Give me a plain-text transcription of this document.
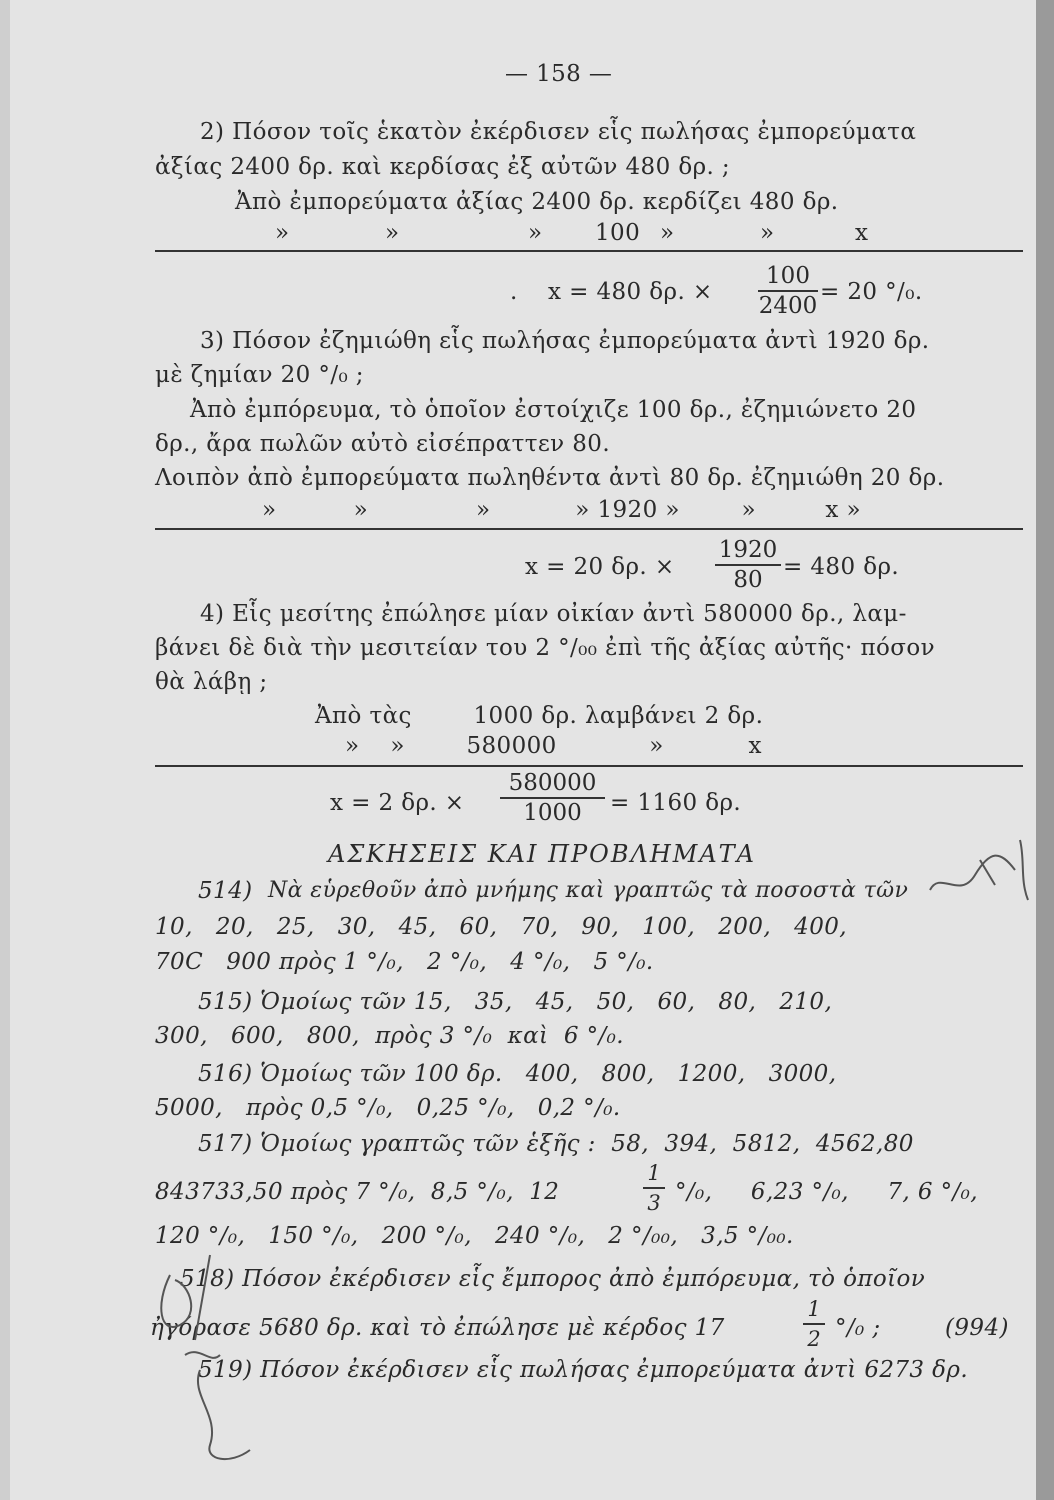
— 158 —
2) Πόσον τοῖς ἑκατὸν ἐκέρδισεν εἷς πωλήσας ἐμπορεύματα
ἀξίας 2400 δρ. καὶ κερδίσας ἐξ αὐτῶν 480 δρ. ;
Ἀπὸ ἐμπορεύματα ἀξίας 2400 δρ. κερδίζει 480 δρ.
»	»	» 100 »	»	x
. x = 480 δρ. ×
100
2400
= 20 °/₀.
3) Πόσον ἐζημιώθη εἷς πωλήσας ἐμπορεύματα ἀντὶ 1920 δρ.
μὲ ζημίαν 20 °/₀ ;
Ἀπὸ ἐμπόρευμα, τὸ ὁποῖον ἐστοίχιζε 100 δρ., ἐζημιώνετο 20
δρ., ἄρα πωλῶν αὐτὸ εἰσέπραττεν 80.
Λοιπὸν ἀπὸ ἐμπορεύματα πωληθέντα ἀντὶ 80 δρ. ἐζημιώθη 20 δρ.
»          »              »           » 1920 »        »         x »
x = 20 δρ. ×
1920
80 = 480 δρ.
4) Εἷς μεσίτης ἐπώλησε μίαν οἰκίαν ἀντὶ 580000 δρ., λαμ-
βάνει δὲ διὰ τὴν μεσιτείαν του 2 °/₀₀ ἐπὶ τῆς ἀξίας αὐτῆς· πόσον
θὰ λάβῃ ;
Ἀπὸ τὰς        1000 δρ. λαμβάνει 2 δρ.
»    »        580000            »           x
x = 2 δρ. ×
580000
1000	= 1160 δρ.
ΑΣΚΗΣΕΙΣ ΚΑΙ ΠΡΟΒΛΗΜΑΤΑ
514) Νὰ εὑρεθοῦν ἀπὸ μνήμης καὶ γραπτῶς τὰ ποσοστὰ τῶν
10,   20,   25,   30,   45,   60,   70,   90,   100,   200,   400,
70C   900 πρὸς 1 °/₀,   2 °/₀,   4 °/₀,   5 °/₀.
515) Ὁμοίως τῶν 15,   35,   45,   50,   60,   80,   210,
300,   600,   800,  πρὸς 3 °/₀  καὶ  6 °/₀.
516) Ὁμοίως τῶν 100 δρ.   400,   800,   1200,   3000,
5000,   πρὸς 0,5 °/₀,   0,25 °/₀,   0,2 °/₀.
517) Ὁμοίως γραπτῶς τῶν ἑξῆς :  58,  394,  5812,  4562,80
843733,50 πρὸς 7 °/₀,  8,5 °/₀,  12
1
3 °/₀,     6,23 °/₀,     7, 6 °/₀,
120 °/₀,   150 °/₀,   200 °/₀,   240 °/₀,   2 °/₀₀,   3,5 °/₀₀.
518) Πόσον ἐκέρδισεν εἷς ἔμπορος ἀπὸ ἐμπόρευμα, τὸ ὁποῖον
ἠγόρασε 5680 δρ. καὶ τὸ ἐπώλησε μὲ κέρδος 17
1
2 °/₀ ;	(994)
519) Πόσον ἐκέρδισεν εἷς πωλήσας ἐμπορεύματα ἀντὶ 6273 δρ.
